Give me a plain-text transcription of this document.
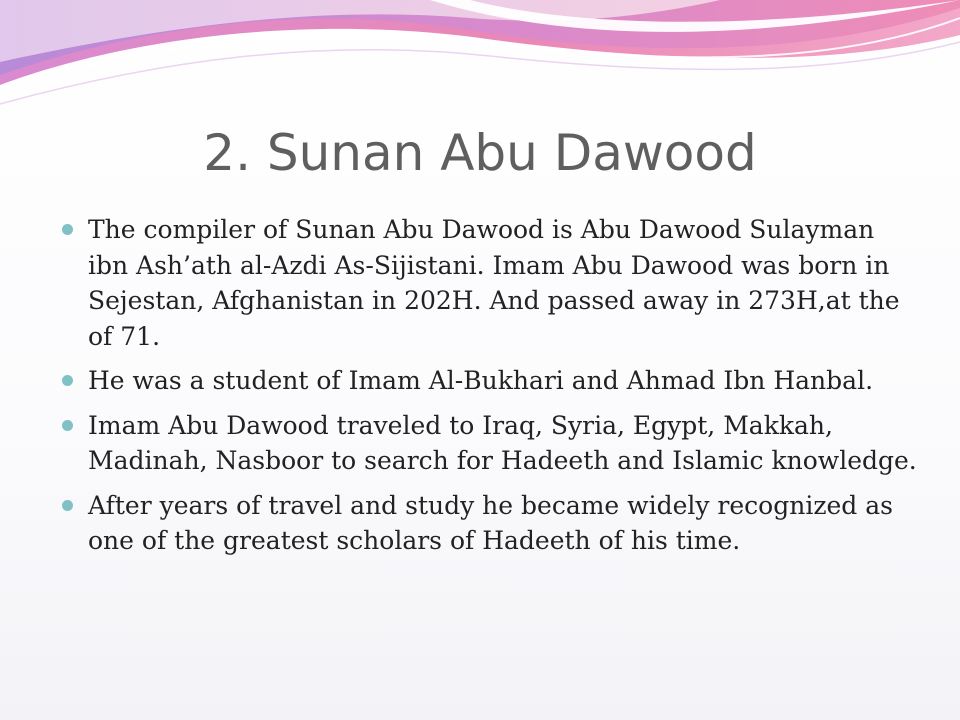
2. Sunan Abu Dawood
The compiler of Sunan Abu Dawood is Abu Dawood Sulayman ibn Ash’ath al-Azdi As-Sijistani. Imam Abu Dawood was born in Sejestan, Afghanistan in 202H. And passed away in 273H,at the of 71.
He was a student of Imam Al-Bukhari and Ahmad Ibn Hanbal.
Imam Abu Dawood traveled to Iraq, Syria, Egypt, Makkah, Madinah, Nasboor to search for Hadeeth and Islamic knowledge.
After years of travel and study he became widely recognized as one of the greatest scholars of Hadeeth of his time.
